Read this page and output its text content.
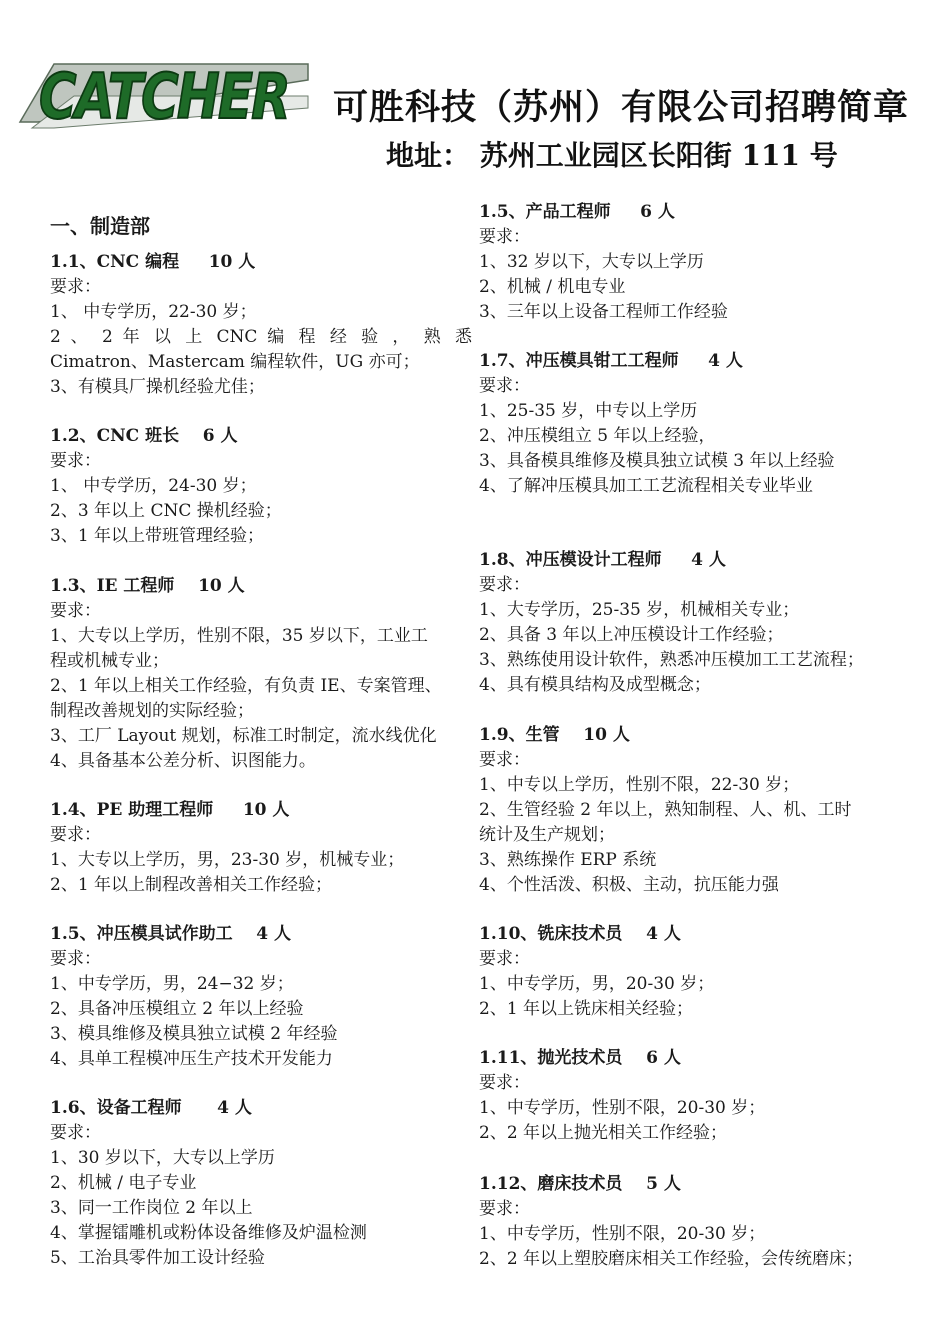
CATCHER 可胜科技（苏州）有限公司招聘简章
地址： 苏州工业园区长阳街 111 号
一、制造部
1.1、CNC 编程     10 人
要求：
1、 中专学历，22-30 岁；
2 、 2 年 以 上 CNC 编 程 经 验 ， 熟 悉
Cimatron、Mastercam 编程软件，UG 亦可；
3、有模具厂操机经验尤佳；
1.2、CNC 班长    6 人
要求：
1、 中专学历，24-30 岁；
2、3 年以上 CNC 操机经验；
3、1 年以上带班管理经验；
1.3、IE 工程师    10 人
要求：
1、大专以上学历，性别不限，35 岁以下，工业工
程或机械专业；
2、1 年以上相关工作经验，有负责 IE、专案管理、
制程改善规划的实际经验；
3、工厂 Layout 规划，标准工时制定，流水线优化
4、具备基本公差分析、识图能力。
1.4、PE 助理工程师     10 人
要求：
1、大专以上学历，男，23-30 岁，机械专业；
2、1 年以上制程改善相关工作经验；
1.5、冲压模具试作助工    4 人
要求：
1、中专学历，男，24−32 岁；
2、具备冲压模组立 2 年以上经验
3、模具维修及模具独立试模 2 年经验
4、具单工程模冲压生产技术开发能力
1.6、设备工程师      4 人
要求：
1、30 岁以下，大专以上学历
2、机械 / 电子专业
3、同一工作岗位 2 年以上
4、掌握镭雕机或粉体设备维修及炉温检测
5、工治具零件加工设计经验
1.5、产品工程师     6 人
要求：
1、32 岁以下，大专以上学历
2、机械 / 机电专业
3、三年以上设备工程师工作经验
1.7、冲压模具钳工工程师     4 人
要求：
1、25-35 岁，中专以上学历
2、冲压模组立 5 年以上经验，
3、具备模具维修及模具独立试模 3 年以上经验
4、了解冲压模具加工工艺流程相关专业毕业
1.8、冲压模设计工程师     4 人
要求：
1、大专学历，25-35 岁，机械相关专业；
2、具备 3 年以上冲压模设计工作经验；
3、熟练使用设计软件，熟悉冲压模加工工艺流程；
4、具有模具结构及成型概念；
1.9、生管    10 人
要求：
1、中专以上学历，性别不限，22-30 岁；
2、生管经验 2 年以上，熟知制程、人、机、工时
统计及生产规划；
3、熟练操作 ERP 系统
4、个性活泼、积极、主动，抗压能力强
1.10、铣床技术员    4 人
要求：
1、中专学历，男，20-30 岁；
2、1 年以上铣床相关经验；
1.11、抛光技术员    6 人
要求：
1、中专学历，性别不限，20-30 岁；
2、2 年以上抛光相关工作经验；
1.12、磨床技术员    5 人
要求：
1、中专学历，性别不限，20-30 岁；
2、2 年以上塑胶磨床相关工作经验，会传统磨床；
